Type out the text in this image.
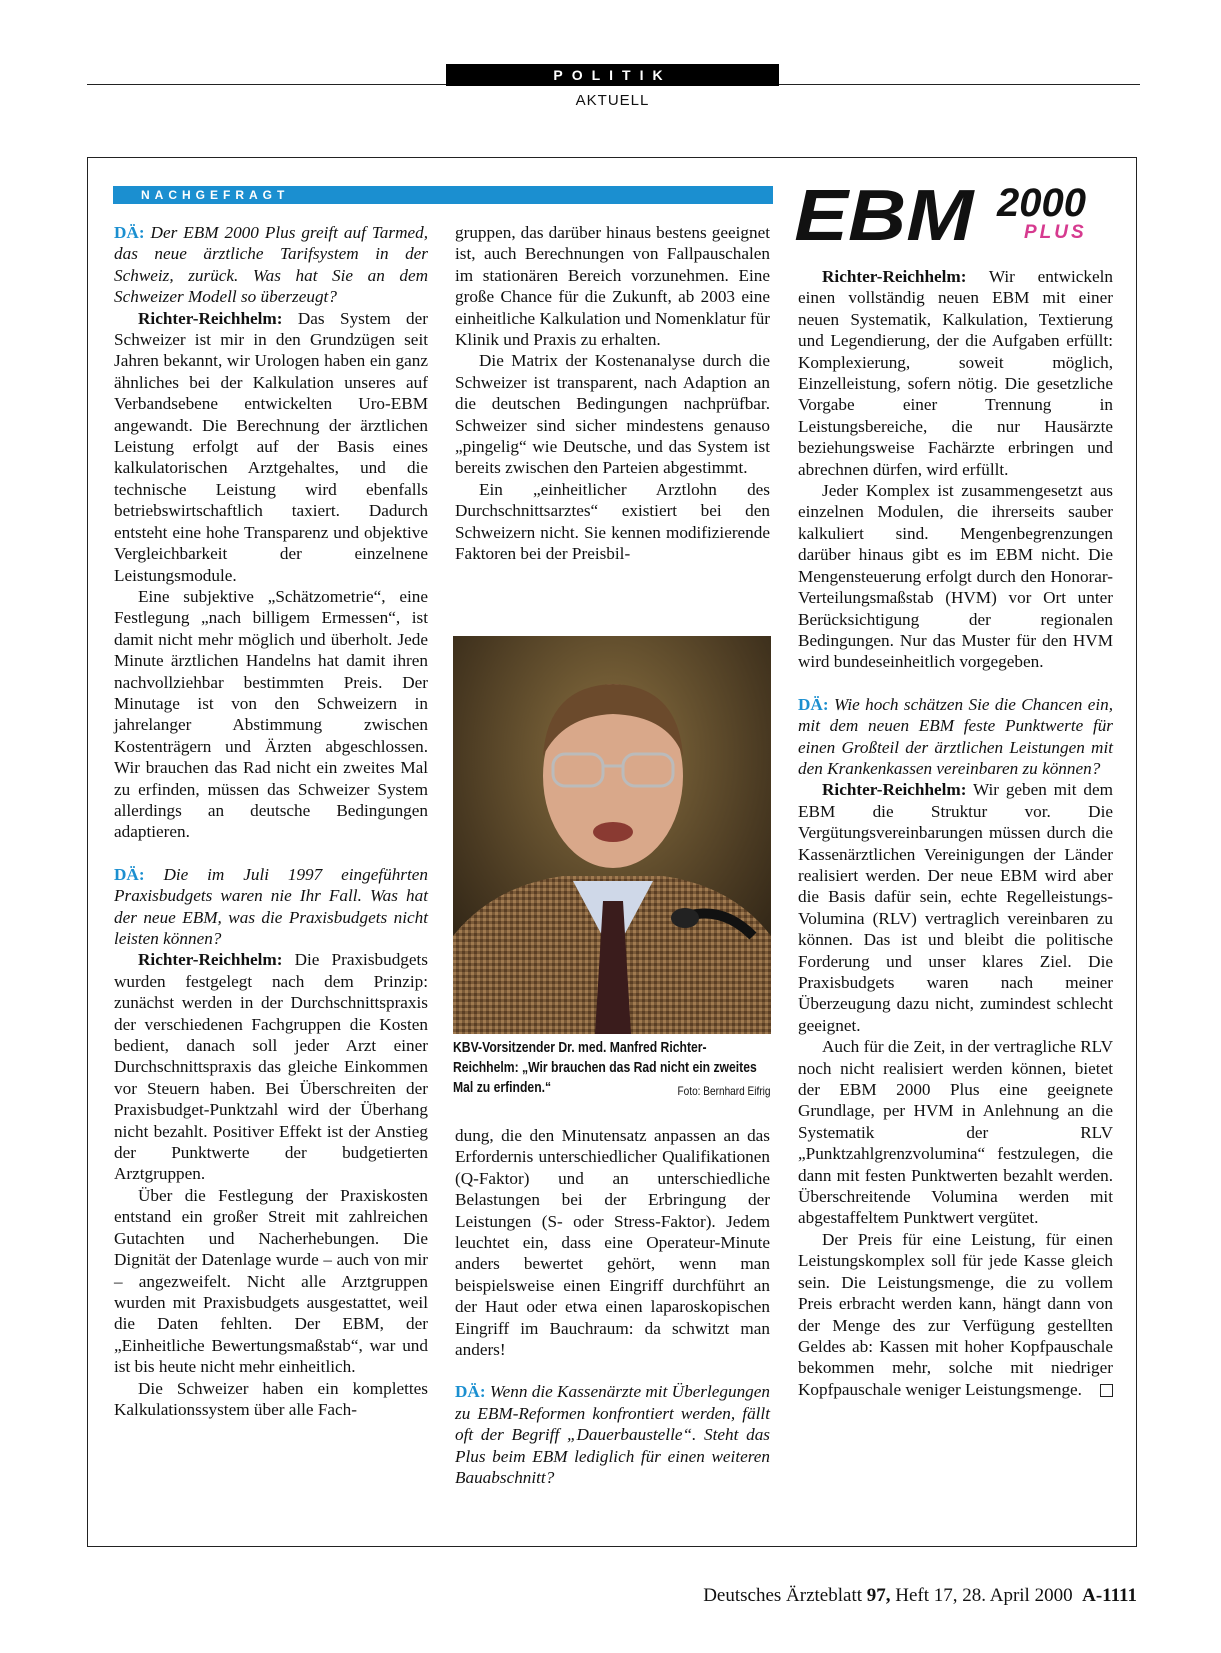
POLITIK
AKTUELL
NACHGEFRAGT	EBM 2000
PLUS

DÄ: Der EBM 2000 Plus greift auf Tarmed, das neue ärztliche Tarifsystem in der Schweiz, zurück. Was hat Sie an dem Schweizer Modell so überzeugt?

Richter-Reichhelm: Das System der Schweizer ist mir in den Grundzügen seit Jahren bekannt, wir Urologen haben ein ganz ähnliches bei der Kalkulation unseres auf Verbandsebene entwickelten Uro-EBM angewandt. Die Berechnung der ärztlichen Leistung erfolgt auf der Basis eines kalkulatorischen Arztgehaltes, und die technische Leistung wird ebenfalls betriebswirtschaftlich taxiert. Dadurch entsteht eine hohe Transparenz und objektive Vergleichbarkeit der einzelnene Leistungsmodule.

Eine subjektive „Schätzometrie“, eine Festlegung „nach billigem Ermessen“, ist damit nicht mehr möglich und überholt. Jede Minute ärztlichen Handelns hat damit ihren nachvollziehbar bestimmten Preis. Der Minutage ist von den Schweizern in jahrelanger Abstimmung zwischen Kostenträgern und Ärzten abgeschlossen. Wir brauchen das Rad nicht ein zweites Mal zu erfinden, müssen das Schweizer System allerdings an deutsche Bedingungen adaptieren.

DÄ: Die im Juli 1997 eingeführten Praxisbudgets waren nie Ihr Fall. Was hat der neue EBM, was die Praxisbudgets nicht leisten können?

Richter-Reichhelm: Die Praxisbudgets wurden festgelegt nach dem Prinzip: zunächst werden in der Durchschnittspraxis der verschiedenen Fachgruppen die Kosten bedient, danach soll jeder Arzt einer Durchschnittspraxis das gleiche Einkommen vor Steuern haben. Bei Überschreiten der Praxisbudget-Punktzahl wird der Überhang nicht bezahlt. Positiver Effekt ist der Anstieg der Punktwerte der budgetierten Arztgruppen.

Über die Festlegung der Praxiskosten entstand ein großer Streit mit zahlreichen Gutachten und Nacherhebungen. Die Dignität der Datenlage wurde – auch von mir – angezweifelt. Nicht alle Arztgruppen wurden mit Praxisbudgets ausgestattet, weil die Daten fehlten. Der EBM, der „Einheitliche Bewertungsmaßstab“, war und ist bis heute nicht mehr einheitlich.

Die Schweizer haben ein komplettes Kalkulationssystem über alle Fach-

gruppen, das darüber hinaus bestens geeignet ist, auch Berechnungen von Fallpauschalen im stationären Bereich vorzunehmen. Eine große Chance für die Zukunft, ab 2003 eine einheitliche Kalkulation und Nomenklatur für Klinik und Praxis zu erhalten.

Die Matrix der Kostenanalyse durch die Schweizer ist transparent, nach Adaption an die deutschen Bedingungen nachprüfbar. Schweizer sind sicher mindestens genauso „pingelig“ wie Deutsche, und das System ist bereits zwischen den Parteien abgestimmt.

Ein „einheitlicher Arztlohn des Durchschnittsarztes“ existiert bei den Schweizern nicht. Sie kennen modifizierende Faktoren bei der Preisbil-

KBV-Vorsitzender Dr. med. Manfred Richter-Reichhelm: „Wir brauchen das Rad nicht ein zweites Mal zu erfinden.“	Foto: Bernhard Eifrig

dung, die den Minutensatz anpassen an das Erfordernis unterschiedlicher Qualifikationen (Q-Faktor) und an unterschiedliche Belastungen bei der Erbringung der Leistungen (S- oder Stress-Faktor). Jedem leuchtet ein, dass eine Operateur-Minute anders bewertet gehört, wenn man beispielsweise einen Eingriff durchführt an der Haut oder etwa einen laparoskopischen Eingriff im Bauchraum: da schwitzt man anders!

DÄ: Wenn die Kassenärzte mit Überlegungen zu EBM-Reformen konfrontiert werden, fällt oft der Begriff „Dauerbaustelle“. Steht das Plus beim EBM lediglich für einen weiteren Bauabschnitt?

Richter-Reichhelm: Wir entwickeln einen vollständig neuen EBM mit einer neuen Systematik, Kalkulation, Textierung und Legendierung, der die Aufgaben erfüllt: Komplexierung, soweit möglich, Einzelleistung, sofern nötig. Die gesetzliche Vorgabe einer Trennung in Leistungsbereiche, die nur Hausärzte beziehungsweise Fachärzte erbringen und abrechnen dürfen, wird erfüllt.

Jeder Komplex ist zusammengesetzt aus einzelnen Modulen, die ihrerseits sauber kalkuliert sind. Mengenbegrenzungen darüber hinaus gibt es im EBM nicht. Die Mengensteuerung erfolgt durch den Honorar-Verteilungsmaßstab (HVM) vor Ort unter Berücksichtigung der regionalen Bedingungen. Nur das Muster für den HVM wird bundeseinheitlich vorgegeben.

DÄ: Wie hoch schätzen Sie die Chancen ein, mit dem neuen EBM feste Punktwerte für einen Großteil der ärztlichen Leistungen mit den Krankenkassen vereinbaren zu können?

Richter-Reichhelm: Wir geben mit dem EBM die Struktur vor. Die Vergütungsvereinbarungen müssen durch die Kassenärztlichen Vereinigungen der Länder realisiert werden. Der neue EBM wird aber die Basis dafür sein, echte Regelleistungs-Volumina (RLV) vertraglich vereinbaren zu können. Das ist und bleibt die politische Forderung und unser klares Ziel. Die Praxisbudgets waren nach meiner Überzeugung dazu nicht, zumindest schlecht geeignet.

Auch für die Zeit, in der vertragliche RLV noch nicht realisiert werden können, bietet der EBM 2000 Plus eine geeignete Grundlage, per HVM in Anlehnung an die Systematik der RLV „Punktzahlgrenzvolumina“ festzulegen, die dann mit festen Punktwerten bezahlt werden. Überschreitende Volumina werden mit abgestaffeltem Punktwert vergütet.

Der Preis für eine Leistung, für einen Leistungskomplex soll für jede Kasse gleich sein. Die Leistungsmenge, die zu vollem Preis erbracht werden kann, hängt dann von der Menge des zur Verfügung gestellten Geldes ab: Kassen mit hoher Kopfpauschale bekommen mehr, solche mit niedriger Kopfpauschale weniger Leistungsmenge.

Deutsches Ärzteblatt 97, Heft 17, 28. April 2000 A-1111
